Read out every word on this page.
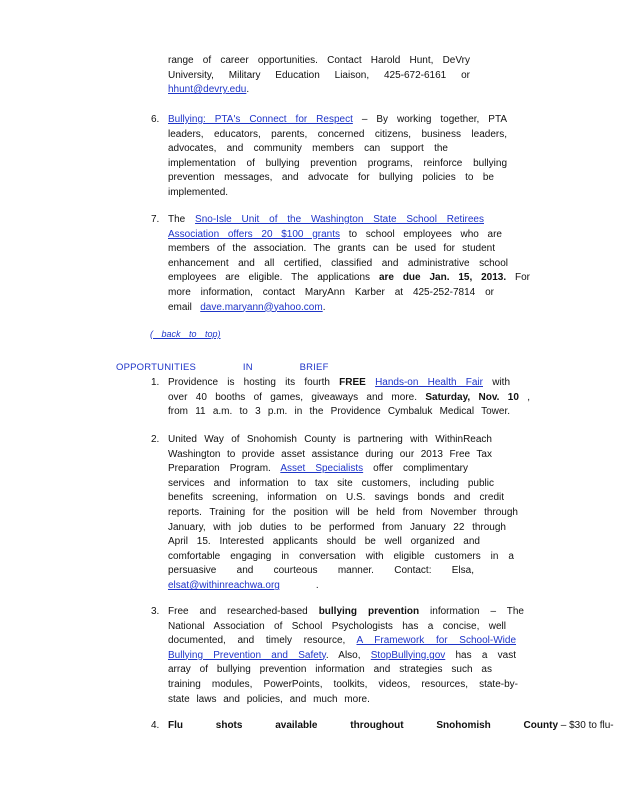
range of career opportunities. Contact Harold Hunt, DeVry
University, Military Education Liaison, 425-672-6161 or
hhunt@devry.edu.
6. Bullying: PTA's Connect for Respect – By working together, PTA
leaders, educators, parents, concerned citizens, business leaders,
advocates, and community members can support the
implementation of bullying prevention programs, reinforce bullying
prevention messages, and advocate for bullying policies to be
implemented.
7. The Sno-Isle Unit of the Washington State School Retirees
Association offers 20 $100 grants to school employees who are
members of the association. The grants can be used for student
enhancement and all certified, classified and administrative school
employees are eligible. The applications are due Jan. 15, 2013. For
more information, contact MaryAnn Karber at 425-252-7814 or
email dave.maryann@yahoo.com.
( back to top)
OPPORTUNITIES IN BRIEF
1. Providence is hosting its fourth FREE Hands-on Health Fair with
over 40 booths of games, giveaways and more. Saturday, Nov. 10 ,
from 11 a.m. to 3 p.m. in the Providence Cymbaluk Medical Tower.
2. United Way of Snohomish County is partnering with WithinReach
Washington to provide asset assistance during our 2013 Free Tax
Preparation Program. Asset Specialists offer complimentary
services and information to tax site customers, including public
benefits screening, information on U.S. savings bonds and credit
reports. Training for the position will be held from November through
January, with job duties to be performed from January 22 through
April 15. Interested applicants should be well organized and
comfortable engaging in conversation with eligible customers in a
persuasive and courteous manner. Contact: Elsa,
elsat@withinreachwa.org	.
3. Free and researched-based bullying prevention information – The
National Association of School Psychologists has a concise, well
documented, and timely resource, A Framework for School-Wide
Bullying Prevention and Safety. Also, StopBullying.gov has a vast
array of bullying prevention information and strategies such as
training modules, PowerPoints, toolkits, videos, resources, state-by-
state laws and policies, and much more.
4. Flu shots available throughout Snohomish County – $30 to flu-
